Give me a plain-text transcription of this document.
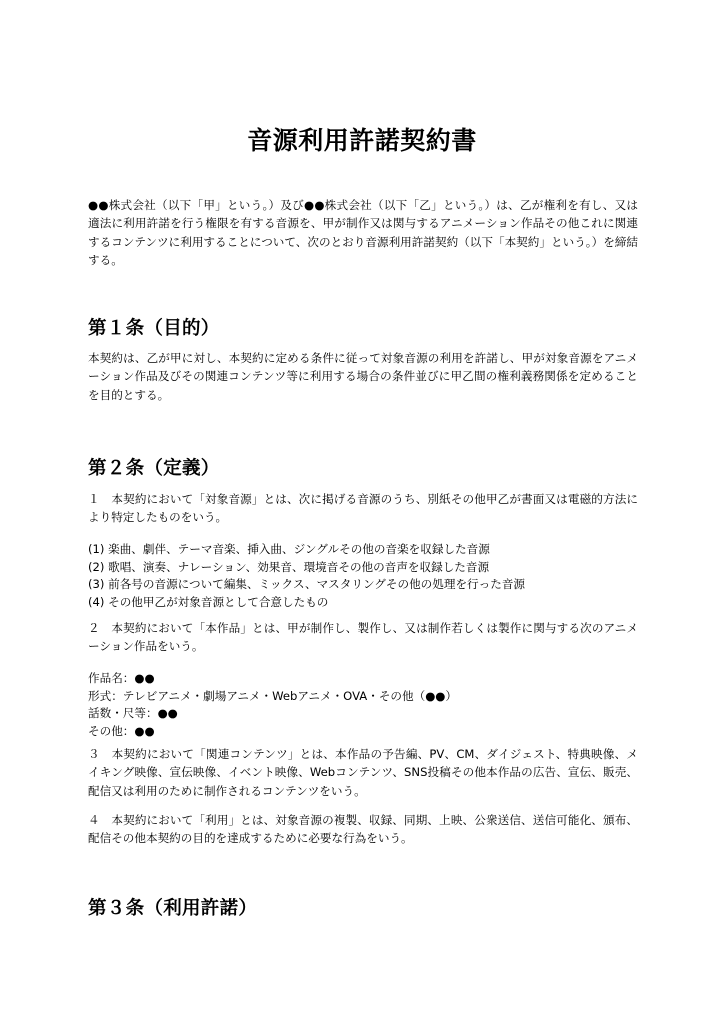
音源利用許諾契約書

●●株式会社（以下「甲」という。）及び●●株式会社（以下「乙」という。）は、乙が権利を有し、又は適法に利用許諾を行う権限を有する音源を、甲が制作又は関与するアニメーション作品その他これに関連するコンテンツに利用することについて、次のとおり音源利用許諾契約（以下「本契約」という。）を締結する。

第１条（目的）

本契約は、乙が甲に対し、本契約に定める条件に従って対象音源の利用を許諾し、甲が対象音源をアニメーション作品及びその関連コンテンツ等に利用する場合の条件並びに甲乙間の権利義務関係を定めることを目的とする。

第２条（定義）

１　本契約において「対象音源」とは、次に掲げる音源のうち、別紙その他甲乙が書面又は電磁的方法により特定したものをいう。

(1) 楽曲、劇伴、テーマ音楽、挿入曲、ジングルその他の音楽を収録した音源
(2) 歌唱、演奏、ナレーション、効果音、環境音その他の音声を収録した音源
(3) 前各号の音源について編集、ミックス、マスタリングその他の処理を行った音源
(4) その他甲乙が対象音源として合意したもの

２　本契約において「本作品」とは、甲が制作し、製作し、又は制作若しくは製作に関与する次のアニメーション作品をいう。

作品名：●●
形式：テレビアニメ・劇場アニメ・Webアニメ・OVA・その他（●●）
話数・尺等：●●
その他：●●

３　本契約において「関連コンテンツ」とは、本作品の予告編、PV、CM、ダイジェスト、特典映像、メイキング映像、宣伝映像、イベント映像、Webコンテンツ、SNS投稿その他本作品の広告、宣伝、販売、配信又は利用のために制作されるコンテンツをいう。

４　本契約において「利用」とは、対象音源の複製、収録、同期、上映、公衆送信、送信可能化、頒布、配信その他本契約の目的を達成するために必要な行為をいう。

第３条（利用許諾）
